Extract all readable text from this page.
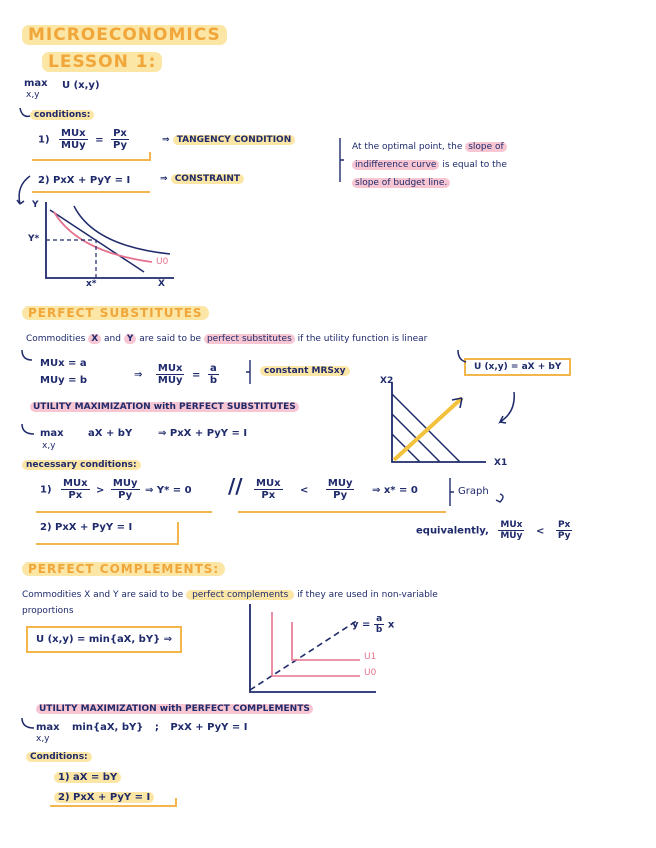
MICROECONOMICS
LESSON 1:
max
x,y
U (x,y)
conditions:
$1) \frac{\text{MUx}}{\text{MUy}} = \frac{Px}{Py}$	⇒ TANGENCY CONDITION
2) PxX + PyY = I	⇒ CONSTRAINT
At the optimal point, the slope of
indifference curve is equal to the
slope of budget line.
Y
X
Y*
x*
U0
PERFECT SUBSTITUTES
Commodities X and Y are said to be perfect substitutes if the utility function is linear
MUx = a
MUy = b	⇒ $\frac{\text{MUx}}{\text{MUy}} = \frac{a}{b}$	constant MRSxy	U (x,y) = aX + bY
X2
X1
UTILITY MAXIMIZATION with PERFECT SUBSTITUTES
max
x,y
aX + bY	⇒ PxX + PyY = I
necessary conditions:
$1) \frac{\text{MUx}}{Px} > \frac{\text{MUy}}{Py}$ ⇒ $Y* = 0 // \frac{\text{MUx}}{Px} < \frac{\text{MUy}}{Py}$ ⇒ x* = 0	Graph
2) PxX + PyY = I	equivalently, $\frac{\text{MUx}}{\text{MUy}} < \frac{Px}{Py}$
PERFECT COMPLEMENTS:
Commodities X and Y are said to be perfect complements if they are used in non-variable
proportions
U (x,y) = min{aX, bY} ⇒
$y = \frac{a}{b}$ x
U1
U0
UTILITY MAXIMIZATION with PERFECT COMPLEMENTS
max
x,y
min{aX, bY} ; PxX + PyY = I
Conditions:
1) aX = bY
2) PxX + PyY = I
